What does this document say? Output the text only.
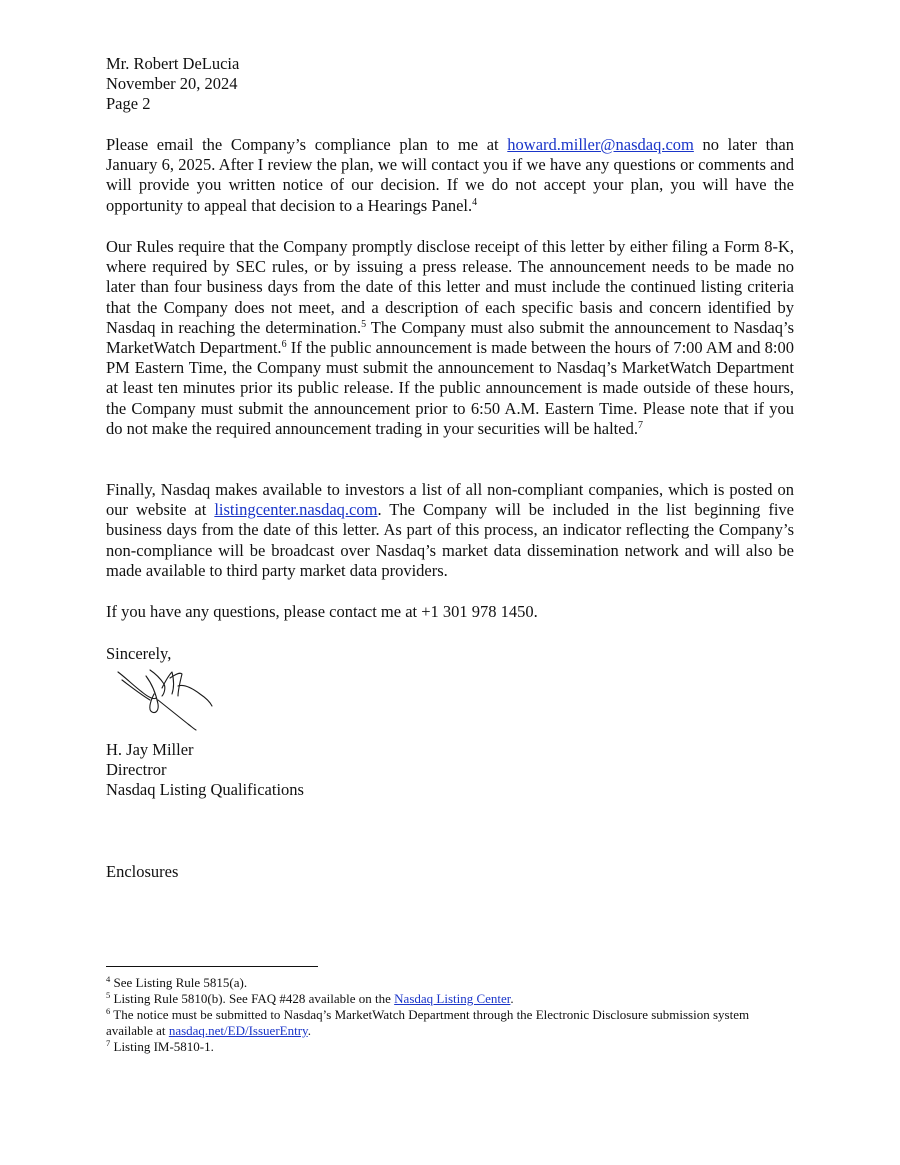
Mr. Robert DeLucia
November 20, 2024
Page 2
Please email the Company’s compliance plan to me at howard.miller@nasdaq.com no later than January 6, 2025. After I review the plan, we will contact you if we have any questions or comments and will provide you written notice of our decision. If we do not accept your plan, you will have the opportunity to appeal that decision to a Hearings Panel.$^4$
Our Rules require that the Company promptly disclose receipt of this letter by either filing a Form 8-K, where required by SEC rules, or by issuing a press release. The announcement needs to be made no later than four business days from the date of this letter and must include the continued listing criteria that the Company does not meet, and a description of each specific basis and concern identified by Nasdaq in reaching the determination.$^5$ The Company must also submit the announcement to Nasdaq’s MarketWatch Department.$^6$ If the public announcement is made between the hours of 7:00 AM and 8:00 PM Eastern Time, the Company must submit the announcement to Nasdaq’s MarketWatch Department at least ten minutes prior its public release. If the public announcement is made outside of these hours, the Company must submit the announcement prior to 6:50 A.M. Eastern Time. Please note that if you do not make the required announcement trading in your securities will be halted.$^7$
Finally, Nasdaq makes available to investors a list of all non-compliant companies, which is posted on our website at listingcenter.nasdaq.com. The Company will be included in the list beginning five business days from the date of this letter. As part of this process, an indicator reflecting the Company’s non-compliance will be broadcast over Nasdaq’s market data dissemination network and will also be made available to third party market data providers.
If you have any questions, please contact me at +1 301 978 1450.
Sincerely,
H. Jay Miller
Directror
Nasdaq Listing Qualifications
Enclosures

$^4$ See Listing Rule 5815(a).

$^5$ Listing Rule 5810(b). See FAQ #428 available on the Nasdaq Listing Center.

$^6$ The notice must be submitted to Nasdaq’s MarketWatch Department through the Electronic Disclosure submission system available at nasdaq.net/ED/IssuerEntry.

$^7$ Listing IM-5810-1.
